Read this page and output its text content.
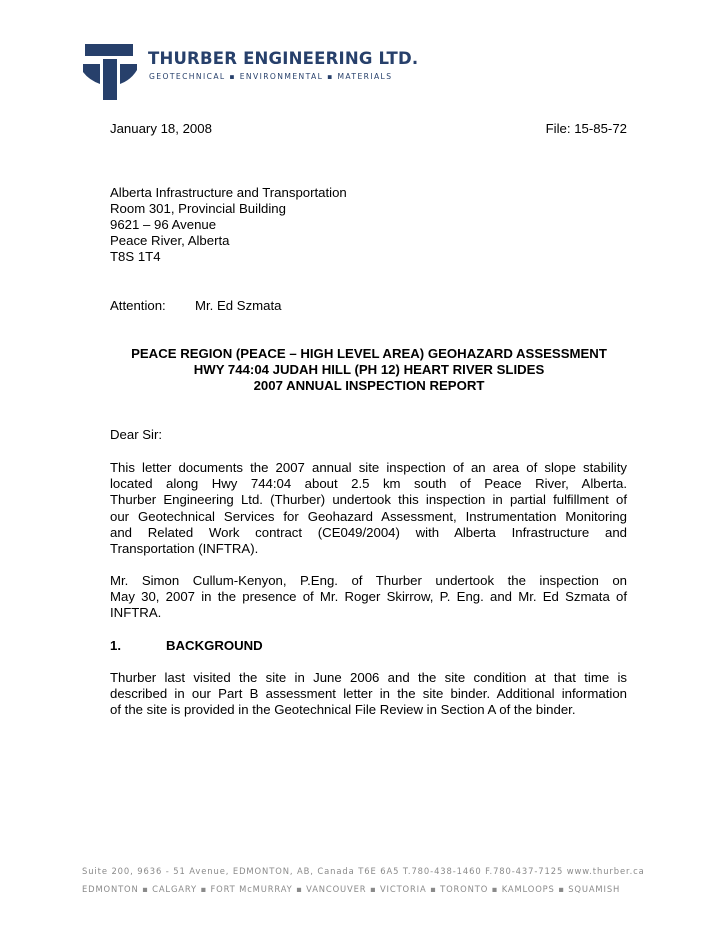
THURBER ENGINEERING LTD.
GEOTECHNICAL ▪ ENVIRONMENTAL ▪ MATERIALS
January 18, 2008	File: 15-85-72
Alberta Infrastructure and Transportation
Room 301, Provincial Building
9621 – 96 Avenue
Peace River, Alberta
T8S 1T4
Attention: Mr. Ed Szmata
PEACE REGION (PEACE – HIGH LEVEL AREA) GEOHAZARD ASSESSMENT
HWY 744:04 JUDAH HILL (PH 12) HEART RIVER SLIDES
2007 ANNUAL INSPECTION REPORT
Dear Sir:
This letter documents the 2007 annual site inspection of an area of slope stability
located along Hwy 744:04 about 2.5 km south of Peace River, Alberta.
Thurber Engineering Ltd. (Thurber) undertook this inspection in partial fulfillment of
our Geotechnical Services for Geohazard Assessment, Instrumentation Monitoring
and Related Work contract (CE049/2004) with Alberta Infrastructure and
Transportation (INFTRA).
Mr. Simon Cullum-Kenyon, P.Eng. of Thurber undertook the inspection on
May 30, 2007 in the presence of Mr. Roger Skirrow, P. Eng. and Mr. Ed Szmata of
INFTRA.
1.	BACKGROUND
Thurber last visited the site in June 2006 and the site condition at that time is
described in our Part B assessment letter in the site binder. Additional information
of the site is provided in the Geotechnical File Review in Section A of the binder.
Suite 200, 9636 - 51 Avenue, EDMONTON, AB, Canada T6E 6A5 T.780-438-1460 F.780-437-7125 www.thurber.ca
EDMONTON ▪ CALGARY ▪ FORT McMURRAY ▪ VANCOUVER ▪ VICTORIA ▪ TORONTO ▪ KAMLOOPS ▪ SQUAMISH
